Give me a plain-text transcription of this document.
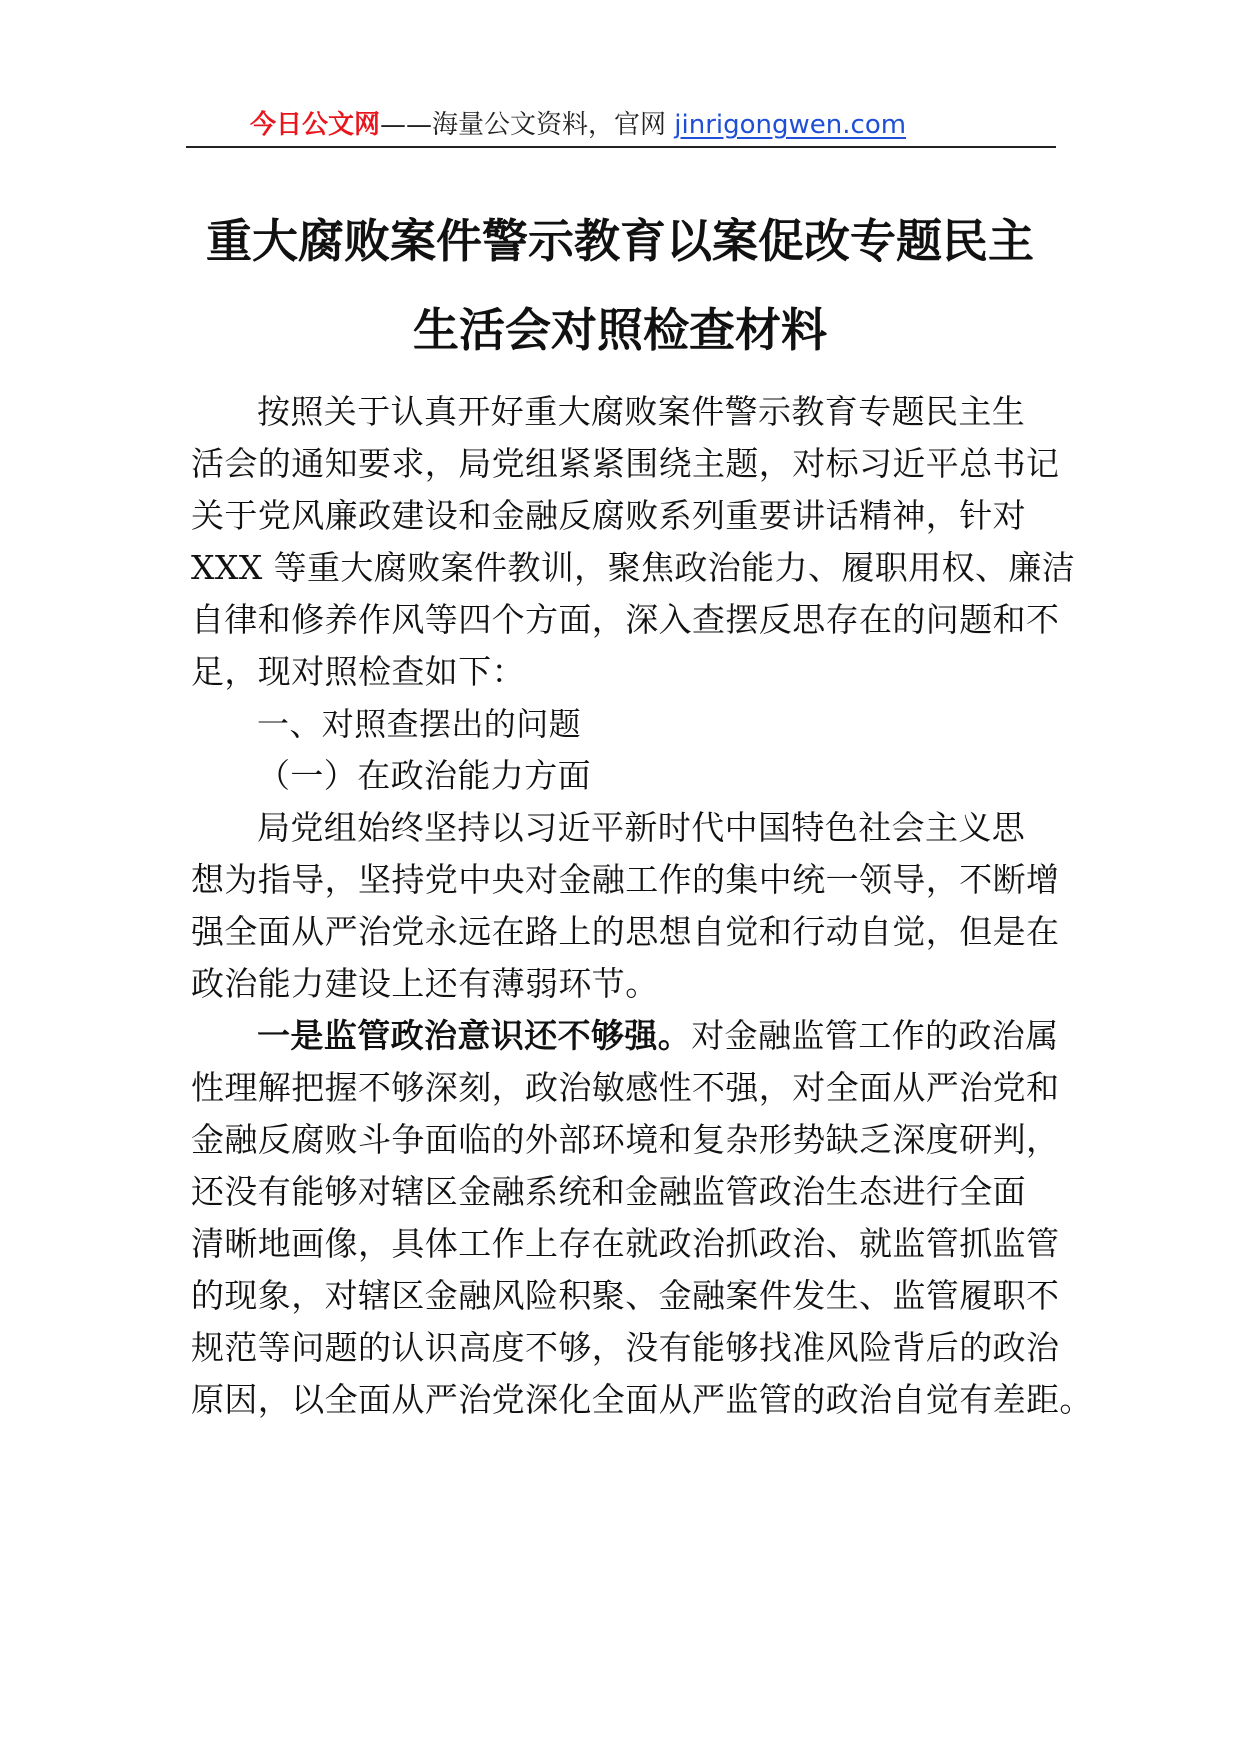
今日公文网——海量公文资料，官网 jinrigongwen.com
重大腐败案件警示教育以案促改专题民主
生活会对照检查材料
按照关于认真开好重大腐败案件警示教育专题民主生
活会的通知要求，局党组紧紧围绕主题，对标习近平总书记
关于党风廉政建设和金融反腐败系列重要讲话精神，针对
XXX 等重大腐败案件教训，聚焦政治能力、履职用权、廉洁
自律和修养作风等四个方面，深入查摆反思存在的问题和不
足，现对照检查如下：
一、对照查摆出的问题
（一）在政治能力方面
局党组始终坚持以习近平新时代中国特色社会主义思
想为指导，坚持党中央对金融工作的集中统一领导，不断增
强全面从严治党永远在路上的思想自觉和行动自觉，但是在
政治能力建设上还有薄弱环节。
一是监管政治意识还不够强。对金融监管工作的政治属
性理解把握不够深刻，政治敏感性不强，对全面从严治党和
金融反腐败斗争面临的外部环境和复杂形势缺乏深度研判，
还没有能够对辖区金融系统和金融监管政治生态进行全面
清晰地画像，具体工作上存在就政治抓政治、就监管抓监管
的现象，对辖区金融风险积聚、金融案件发生、监管履职不
规范等问题的认识高度不够，没有能够找准风险背后的政治
原因，以全面从严治党深化全面从严监管的政治自觉有差距。
